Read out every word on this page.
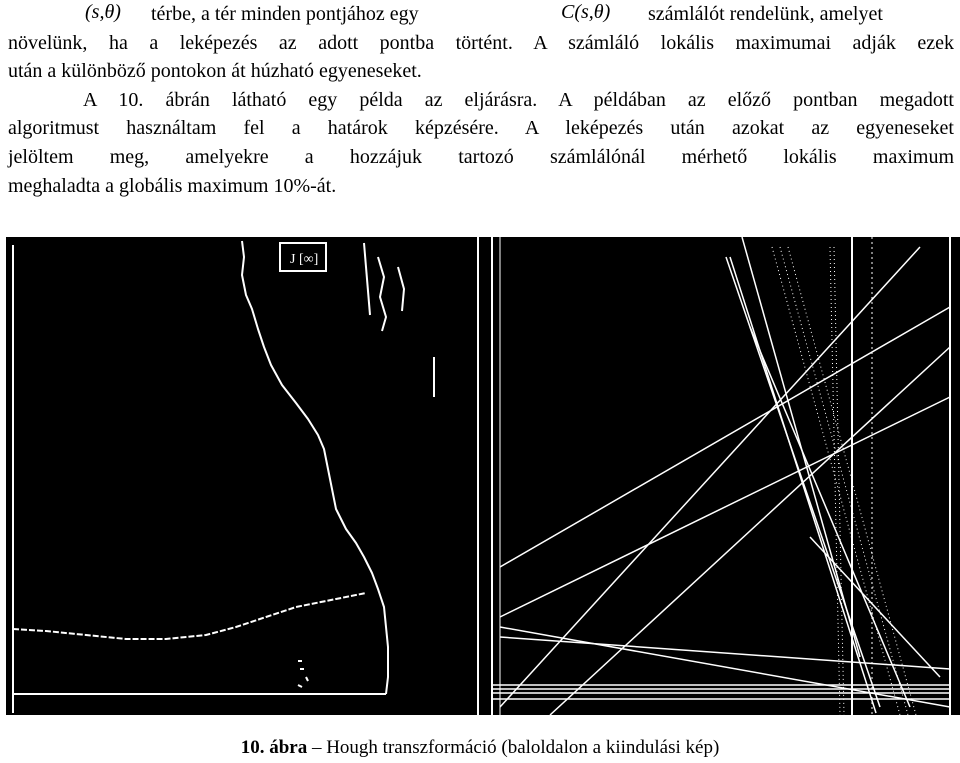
(s,θ) térbe, a tér minden pontjához egy	C(s,θ) számlálót rendelünk, amelyet
növelünk, ha a leképezés az adott pontba történt. A számláló lokális maximumai adják ezek
után a különböző pontokon át húzható egyeneseket.
A 10. ábrán látható egy példa az eljárásra. A példában az előző pontban megadott
algoritmust használtam fel a határok képzésére. A leképezés után azokat az egyeneseket
jelöltem meg, amelyekre a hozzájuk tartozó számlálónál mérhető lokális maximum
meghaladta a globális maximum 10%-át.
J [∞]
10. ábra – Hough transzformáció (baloldalon a kiindulási kép)
